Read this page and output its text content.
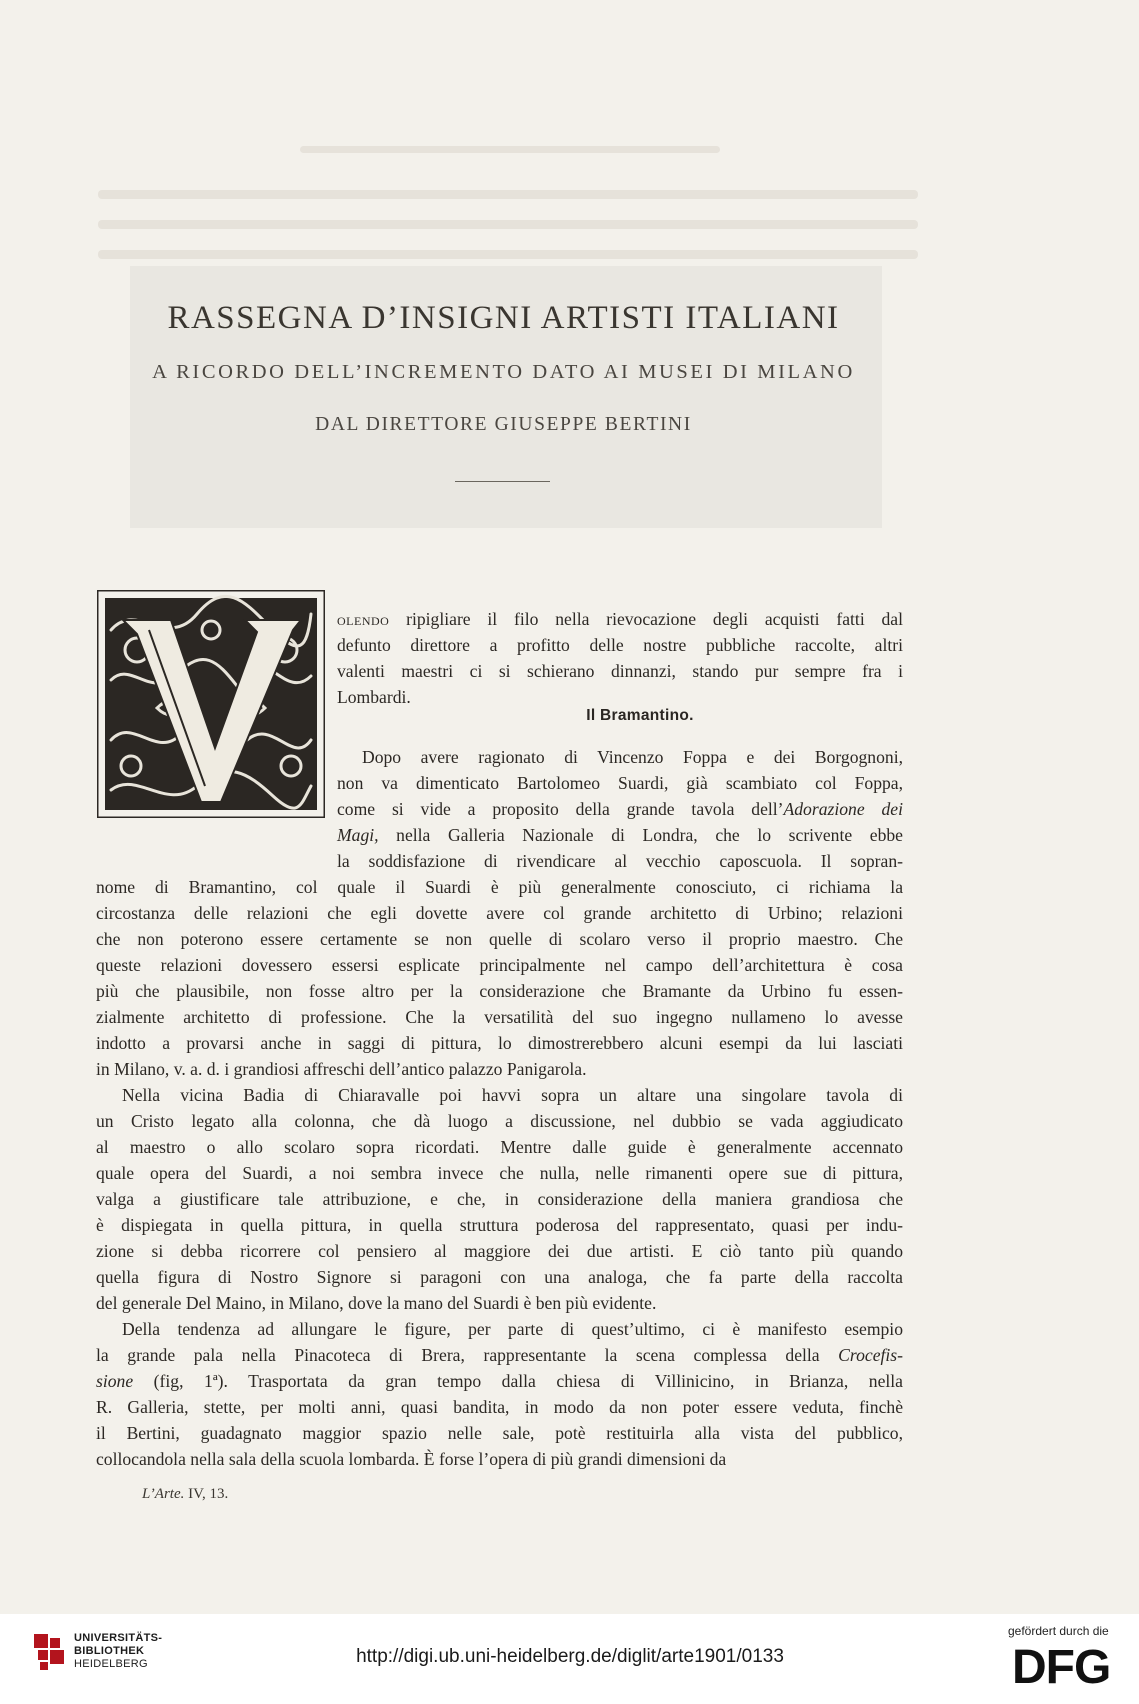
RASSEGNA D’INSIGNI ARTISTI ITALIANI
A RICORDO DELL’INCREMENTO DATO AI MUSEI DI MILANO
DAL DIRETTORE GIUSEPPE BERTINI
olendo ripigliare il filo nella rievocazione degli acquisti fatti dal
defunto direttore a profitto delle nostre pubbliche raccolte, altri
valenti maestri ci si schierano dinnanzi, stando pur sempre fra i
Lombardi.
Il Bramantino.
Dopo avere ragionato di Vincenzo Foppa e dei Borgognoni,
non va dimenticato Bartolomeo Suardi, già scambiato col Foppa,
come si vide a proposito della grande tavola dell’Adorazione dei
Magi, nella Galleria Nazionale di Londra, che lo scrivente ebbe
la soddisfazione di rivendicare al vecchio caposcuola. Il sopran-
nome di Bramantino, col quale il Suardi è più generalmente conosciuto, ci richiama la
circostanza delle relazioni che egli dovette avere col grande architetto di Urbino; relazioni
che non poterono essere certamente se non quelle di scolaro verso il proprio maestro. Che
queste relazioni dovessero essersi esplicate principalmente nel campo dell’architettura è cosa
più che plausibile, non fosse altro per la considerazione che Bramante da Urbino fu essen-
zialmente architetto di professione. Che la versatilità del suo ingegno nullameno lo avesse
indotto a provarsi anche in saggi di pittura, lo dimostrerebbero alcuni esempi da lui lasciati
in Milano, v. a. d. i grandiosi affreschi dell’antico palazzo Panigarola.
Nella vicina Badia di Chiaravalle poi havvi sopra un altare una singolare tavola di
un Cristo legato alla colonna, che dà luogo a discussione, nel dubbio se vada aggiudicato
al maestro o allo scolaro sopra ricordati. Mentre dalle guide è generalmente accennato
quale opera del Suardi, a noi sembra invece che nulla, nelle rimanenti opere sue di pittura,
valga a giustificare tale attribuzione, e che, in considerazione della maniera grandiosa che
è dispiegata in quella pittura, in quella struttura poderosa del rappresentato, quasi per indu-
zione si debba ricorrere col pensiero al maggiore dei due artisti. E ciò tanto più quando
quella figura di Nostro Signore si paragoni con una analoga, che fa parte della raccolta
del generale Del Maino, in Milano, dove la mano del Suardi è ben più evidente.
Della tendenza ad allungare le figure, per parte di quest’ultimo, ci è manifesto esempio
la grande pala nella Pinacoteca di Brera, rappresentante la scena complessa della Crocefis-
sione (fig, 1ª). Trasportata da gran tempo dalla chiesa di Villinicino, in Brianza, nella
R. Galleria, stette, per molti anni, quasi bandita, in modo da non poter essere veduta, finchè
L’Arte. IV, 13.
il Bertini, guadagnato maggior spazio nelle sale, potè restituirla alla vista del pubblico,
collocandola nella sala della scuola lombarda. È forse l’opera di più grandi dimensioni da
UNIVERSITÄTS-
BIBLIOTHEK
HEIDELBERG	http://digi.ub.uni-heidelberg.de/diglit/arte1901/0133
gefördert durch die
DFG
